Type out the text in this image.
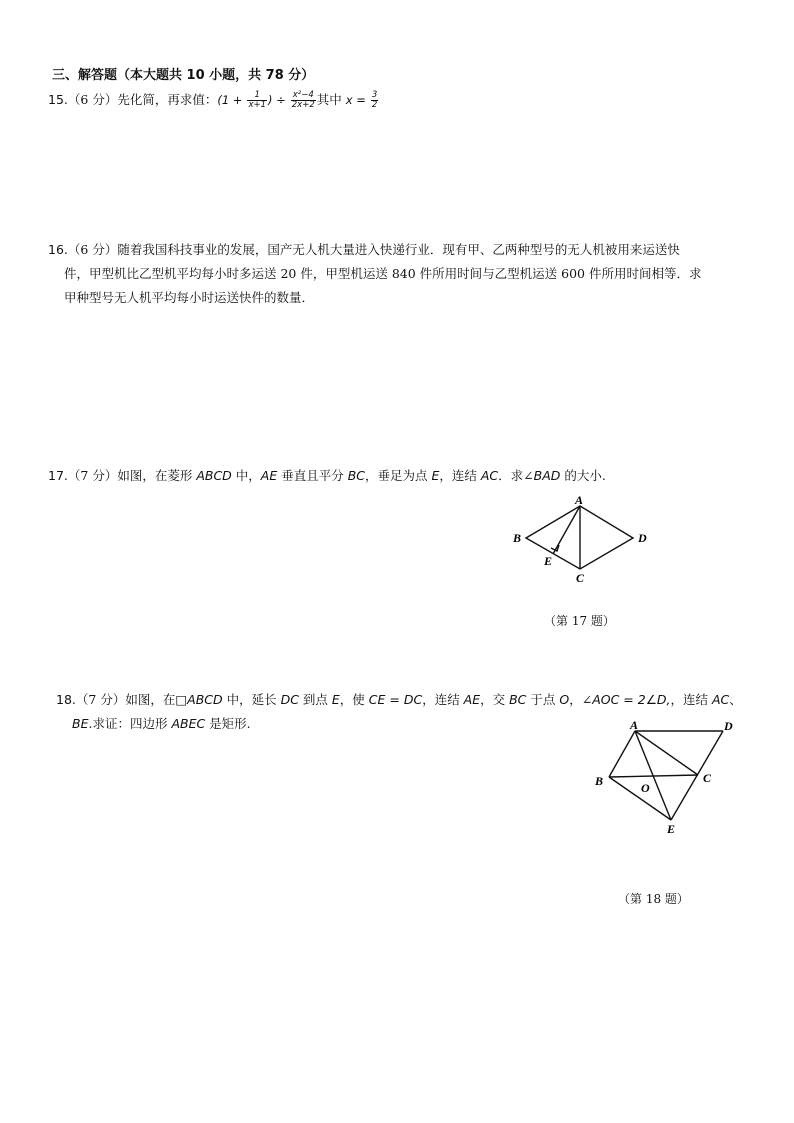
三、解答题（本大题共 10 小题，共 78 分）
15.（6 分）先化简，再求值：($1 + \frac{1}{x+1}$ ) ÷ $\frac{\text{x²−4}}{2x+2}$ 其中 $x = \frac{3}{2}$
16.（6 分）随着我国科技事业的发展，国产无人机大量进入快递行业．现有甲、乙两种型号的无人机被用来运送快
件，甲型机比乙型机平均每小时多运送 20 件，甲型机运送 840 件所用时间与乙型机运送 600 件所用时间相等．求
甲种型号无人机平均每小时运送快件的数量．
17.（7 分）如图，在菱形 ABCD 中，AE 垂直且平分 BC，垂足为点 E，连结 AC．求∠BAD 的大小.
A
B
C
D
E
（第 17 题）
18.（7 分）如图，在□ABCD 中，延长 DC 到点 E，使 CE = DC，连结 AE，交 BC 于点 O，∠AOC = 2∠D,，连结 AC、
BE.求证：四边形 ABEC 是矩形.	A
B	C
D
E
O
（第 18 题）
